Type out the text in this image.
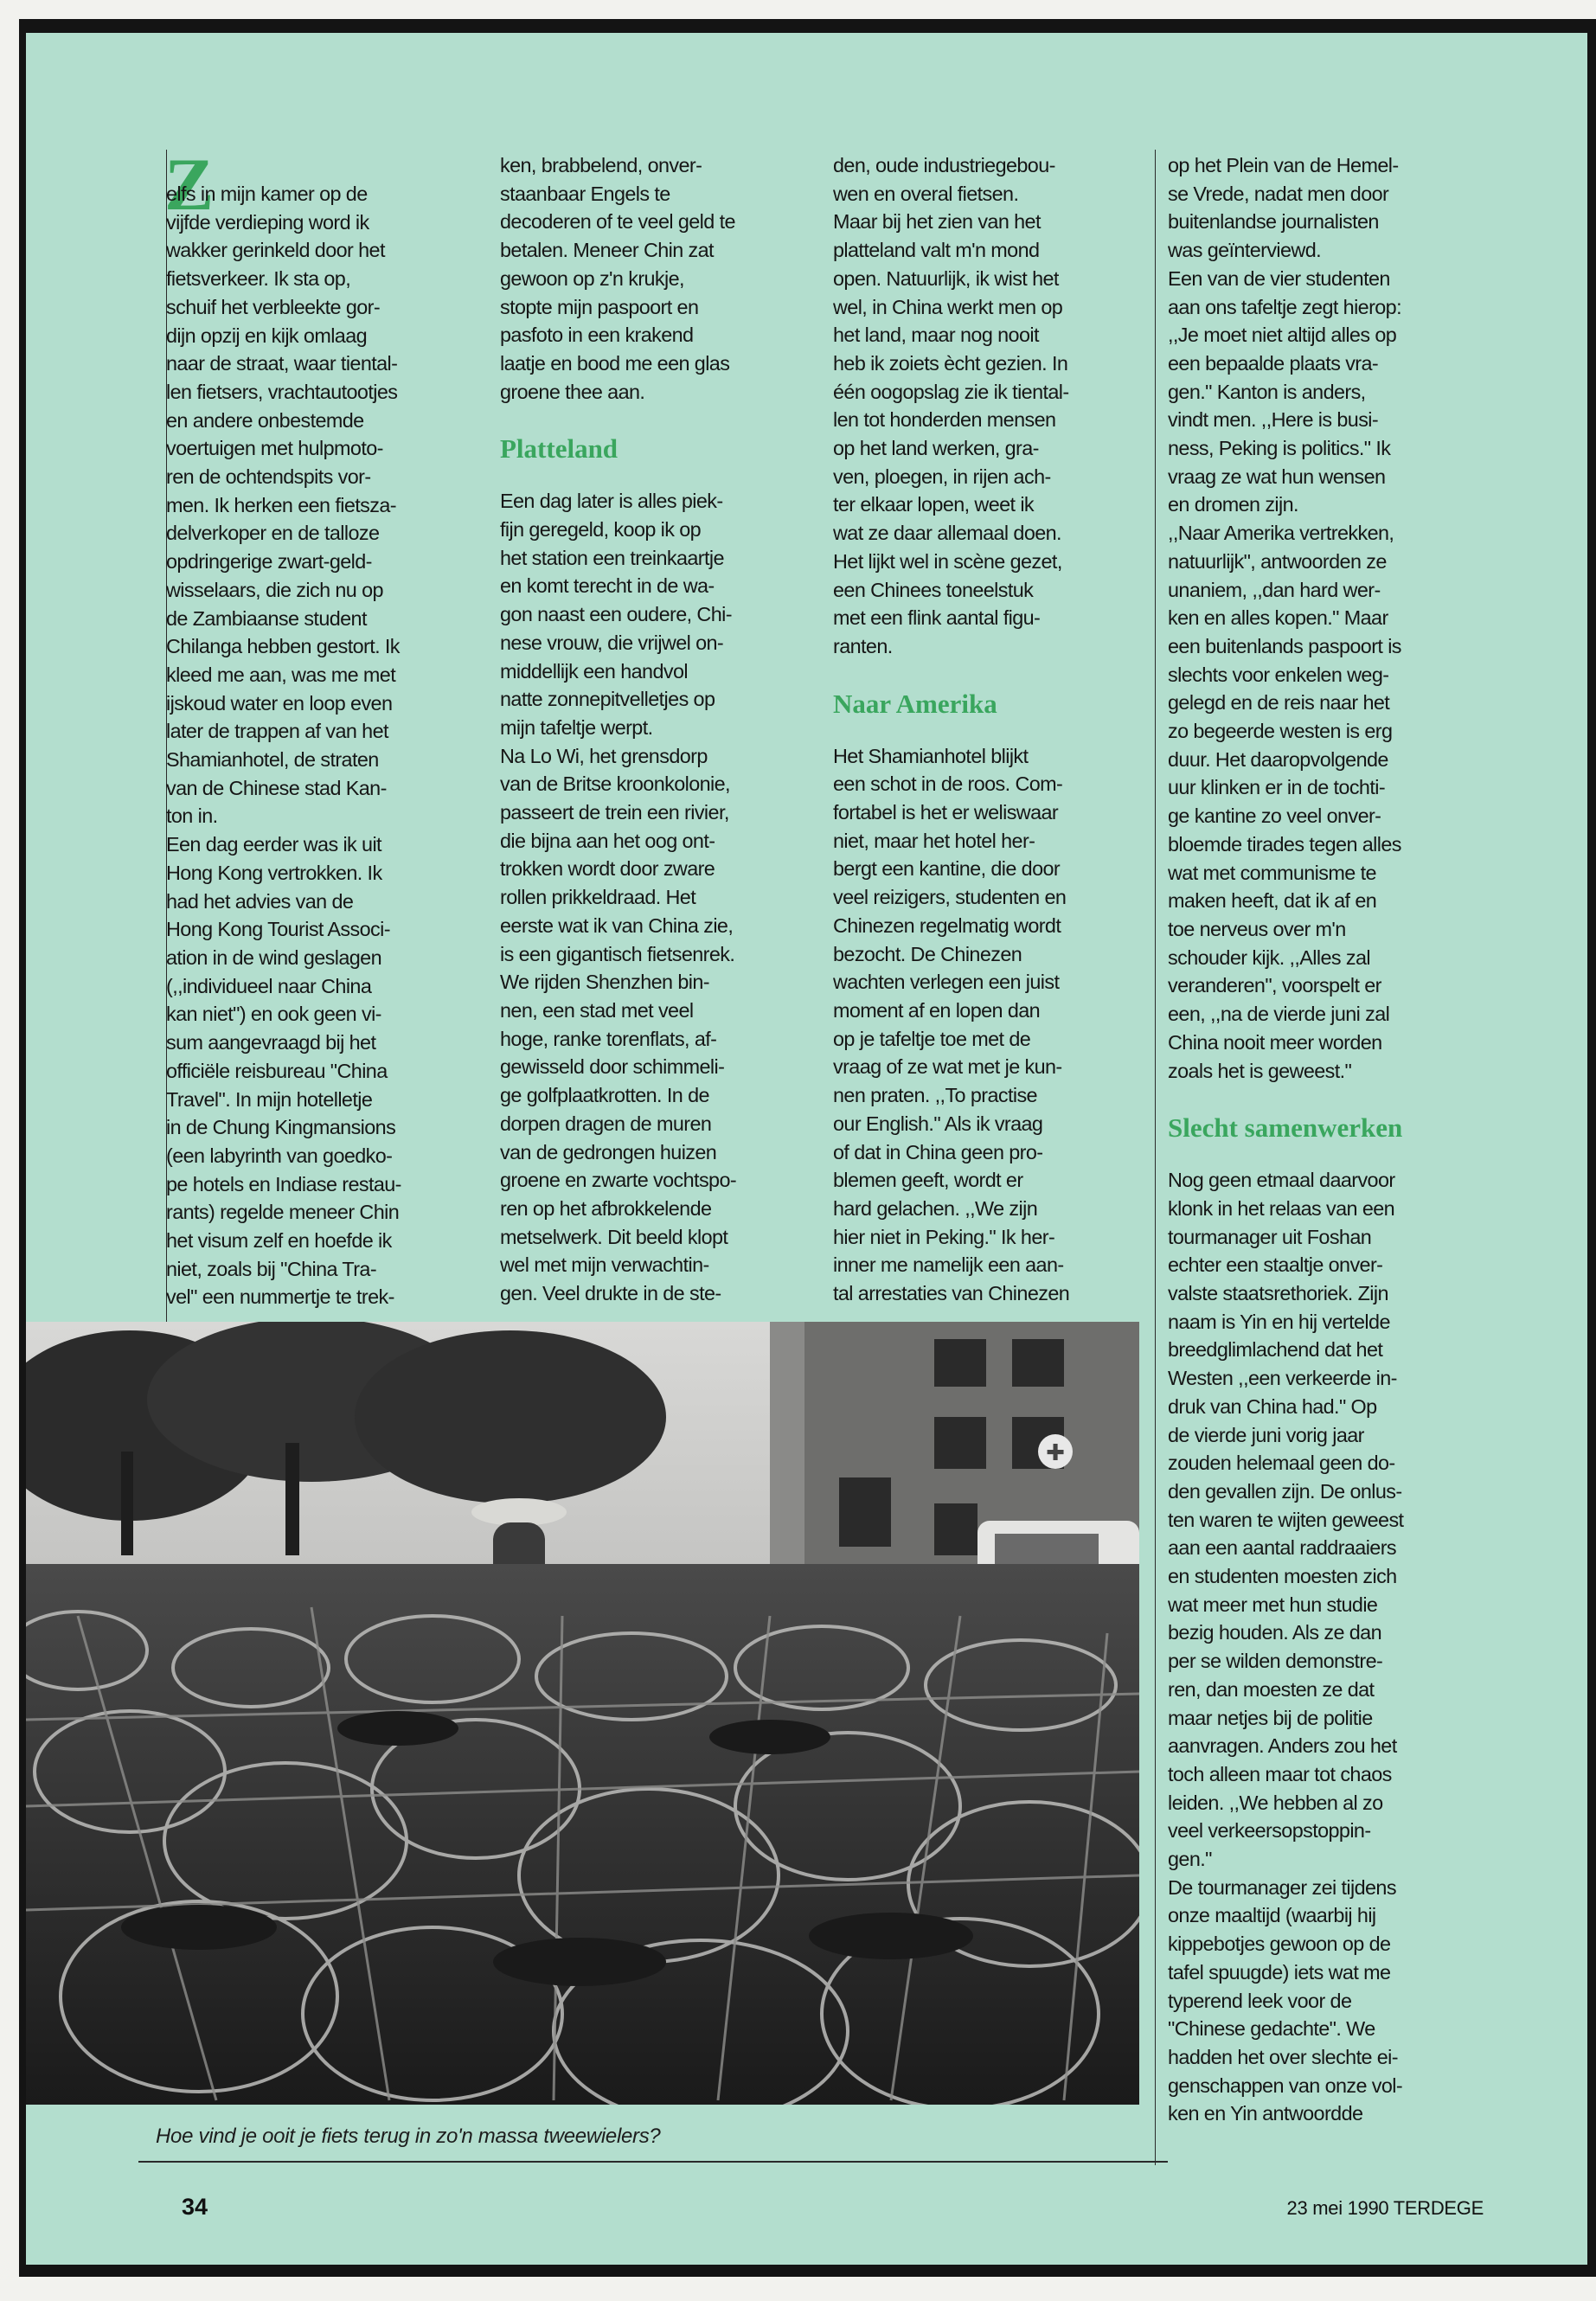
Z

elfs in mijn kamer op de

vijfde verdieping word ik

wakker gerinkeld door het

fietsverkeer. Ik sta op,

schuif het verbleekte gor-

dijn opzij en kijk omlaag

naar de straat, waar tiental-

len fietsers, vrachtautootjes

en andere onbestemde

voertuigen met hulpmoto-

ren de ochtendspits vor-

men. Ik herken een fietsza-

delverkoper en de talloze

opdringerige zwart-geld-

wisselaars, die zich nu op

de Zambiaanse student

Chilanga hebben gestort. Ik

kleed me aan, was me met

ijskoud water en loop even

later de trappen af van het

Shamianhotel, de straten

van de Chinese stad Kan-

ton in.

Een dag eerder was ik uit

Hong Kong vertrokken. Ik

had het advies van de

Hong Kong Tourist Associ-

ation in de wind geslagen

(,,individueel naar China

kan niet") en ook geen vi-

sum aangevraagd bij het

officiële reisbureau "China

Travel". In mijn hotelletje

in de Chung Kingmansions

(een labyrinth van goedko-

pe hotels en Indiase restau-

rants) regelde meneer Chin

het visum zelf en hoefde ik

niet, zoals bij "China Tra-

vel" een nummertje te trek-

ken, brabbelend, onver-

staanbaar Engels te

decoderen of te veel geld te

betalen. Meneer Chin zat

gewoon op z'n krukje,

stopte mijn paspoort en

pasfoto in een krakend

laatje en bood me een glas

groene thee aan.

Platteland

Een dag later is alles piek-

fijn geregeld, koop ik op

het station een treinkaartje

en komt terecht in de wa-

gon naast een oudere, Chi-

nese vrouw, die vrijwel on-

middellijk een handvol

natte zonnepitvelletjes op

mijn tafeltje werpt.

Na Lo Wi, het grensdorp

van de Britse kroonkolonie,

passeert de trein een rivier,

die bijna aan het oog ont-

trokken wordt door zware

rollen prikkeldraad. Het

eerste wat ik van China zie,

is een gigantisch fietsenrek.

We rijden Shenzhen bin-

nen, een stad met veel

hoge, ranke torenflats, af-

gewisseld door schimmeli-

ge golfplaatkrotten. In de

dorpen dragen de muren

van de gedrongen huizen

groene en zwarte vochtspo-

ren op het afbrokkelende

metselwerk. Dit beeld klopt

wel met mijn verwachtin-

gen. Veel drukte in de ste-

den, oude industriegebou-

wen en overal fietsen.

Maar bij het zien van het

platteland valt m'n mond

open. Natuurlijk, ik wist het

wel, in China werkt men op

het land, maar nog nooit

heb ik zoiets ècht gezien. In

één oogopslag zie ik tiental-

len tot honderden mensen

op het land werken, gra-

ven, ploegen, in rijen ach-

ter elkaar lopen, weet ik

wat ze daar allemaal doen.

Het lijkt wel in scène gezet,

een Chinees toneelstuk

met een flink aantal figu-

ranten.

Naar Amerika

Het Shamianhotel blijkt

een schot in de roos. Com-

fortabel is het er weliswaar

niet, maar het hotel her-

bergt een kantine, die door

veel reizigers, studenten en

Chinezen regelmatig wordt

bezocht. De Chinezen

wachten verlegen een juist

moment af en lopen dan

op je tafeltje toe met de

vraag of ze wat met je kun-

nen praten. ,,To practise

our English." Als ik vraag

of dat in China geen pro-

blemen geeft, wordt er

hard gelachen. ,,We zijn

hier niet in Peking." Ik her-

inner me namelijk een aan-

tal arrestaties van Chinezen

op het Plein van de Hemel-

se Vrede, nadat men door

buitenlandse journalisten

was geïnterviewd.

Een van de vier studenten

aan ons tafeltje zegt hierop:

,,Je moet niet altijd alles op

een bepaalde plaats vra-

gen." Kanton is anders,

vindt men. ,,Here is busi-

ness, Peking is politics." Ik

vraag ze wat hun wensen

en dromen zijn.

,,Naar Amerika vertrekken,

natuurlijk", antwoorden ze

unaniem, ,,dan hard wer-

ken en alles kopen." Maar

een buitenlands paspoort is

slechts voor enkelen weg-

gelegd en de reis naar het

zo begeerde westen is erg

duur. Het daaropvolgende

uur klinken er in de tochti-

ge kantine zo veel onver-

bloemde tirades tegen alles

wat met communisme te

maken heeft, dat ik af en

toe nerveus over m'n

schouder kijk. ,,Alles zal

veranderen", voorspelt er

een, ,,na de vierde juni zal

China nooit meer worden

zoals het is geweest."

Slecht samenwerken

Nog geen etmaal daarvoor

klonk in het relaas van een

tourmanager uit Foshan

echter een staaltje onver-

valste staatsrethoriek. Zijn

naam is Yin en hij vertelde

breedglimlachend dat het

Westen ,,een verkeerde in-

druk van China had." Op

de vierde juni vorig jaar

zouden helemaal geen do-

den gevallen zijn. De onlus-

ten waren te wijten geweest

aan een aantal raddraaiers

en studenten moesten zich

wat meer met hun studie

bezig houden. Als ze dan

per se wilden demonstre-

ren, dan moesten ze dat

maar netjes bij de politie

aanvragen. Anders zou het

toch alleen maar tot chaos

leiden. ,,We hebben al zo

veel verkeersopstoppin-

gen."

De tourmanager zei tijdens

onze maaltijd (waarbij hij

kippebotjes gewoon op de

tafel spuugde) iets wat me

typerend leek voor de

"Chinese gedachte". We

hadden het over slechte ei-

genschappen van onze vol-

ken en Yin antwoordde

✚
Hoe vind je ooit je fiets terug in zo'n massa tweewielers?
34	23 mei 1990 TERDEGE
